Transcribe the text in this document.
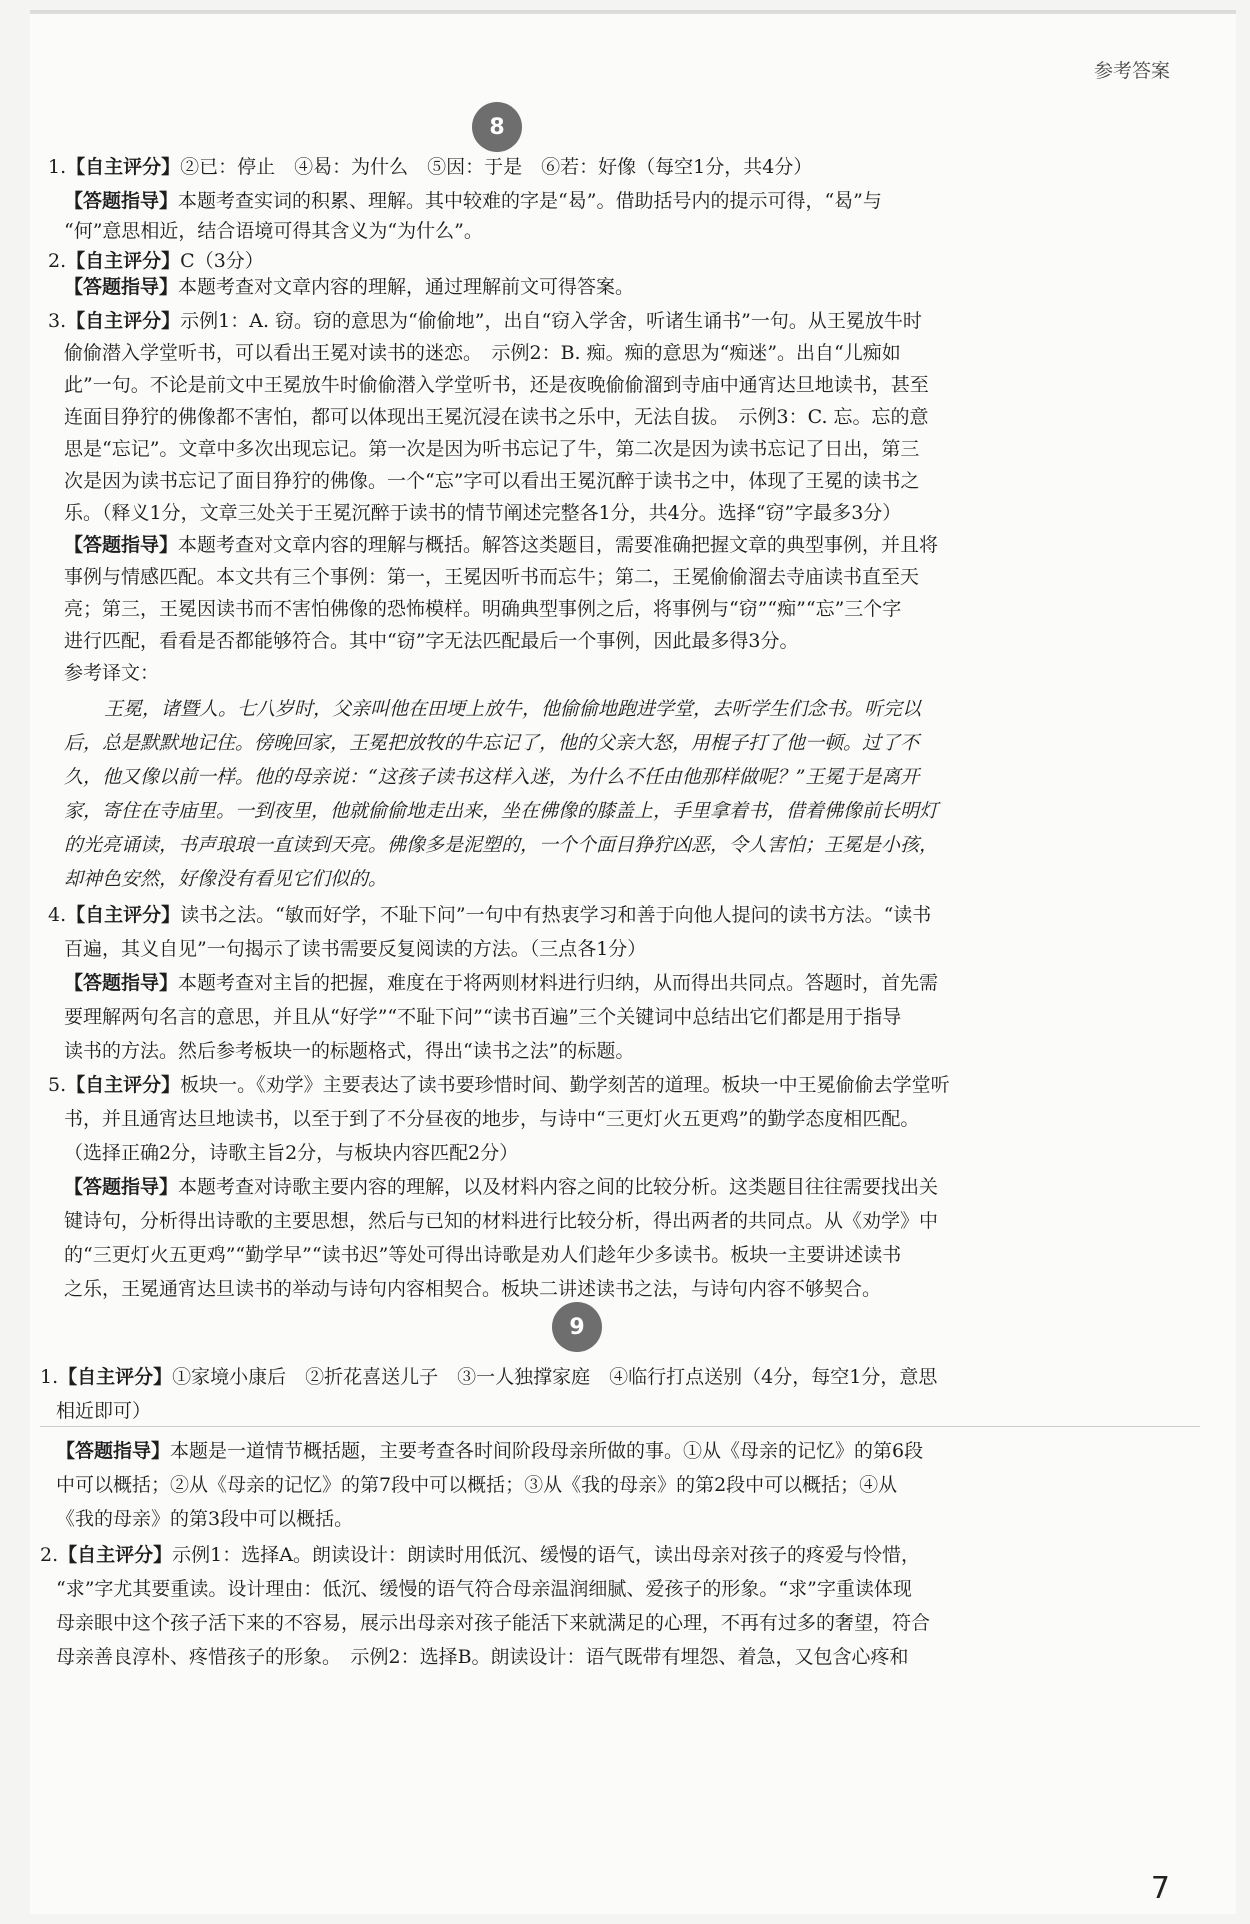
参考答案
8
1.【自主评分】②已：停止　④曷：为什么　⑤因：于是　⑥若：好像（每空1分，共4分）
【答题指导】本题考查实词的积累、理解。其中较难的字是“曷”。借助括号内的提示可得，“曷”与
“何”意思相近，结合语境可得其含义为“为什么”。
2.【自主评分】C（3分）
【答题指导】本题考查对文章内容的理解，通过理解前文可得答案。
3.【自主评分】示例1：A. 窃。窃的意思为“偷偷地”，出自“窃入学舍，听诸生诵书”一句。从王冕放牛时
偷偷潜入学堂听书，可以看出王冕对读书的迷恋。　示例2：B. 痴。痴的意思为“痴迷”。出自“儿痴如
此”一句。不论是前文中王冕放牛时偷偷潜入学堂听书，还是夜晚偷偷溜到寺庙中通宵达旦地读书，甚至
连面目狰狞的佛像都不害怕，都可以体现出王冕沉浸在读书之乐中，无法自拔。　示例3：C. 忘。忘的意
思是“忘记”。文章中多次出现忘记。第一次是因为听书忘记了牛，第二次是因为读书忘记了日出，第三
次是因为读书忘记了面目狰狞的佛像。一个“忘”字可以看出王冕沉醉于读书之中，体现了王冕的读书之
乐。（释义1分，文章三处关于王冕沉醉于读书的情节阐述完整各1分，共4分。选择“窃”字最多3分）
【答题指导】本题考查对文章内容的理解与概括。解答这类题目，需要准确把握文章的典型事例，并且将
事例与情感匹配。本文共有三个事例：第一，王冕因听书而忘牛；第二，王冕偷偷溜去寺庙读书直至天
亮；第三，王冕因读书而不害怕佛像的恐怖模样。明确典型事例之后，将事例与“窃”“痴”“忘”三个字
进行匹配，看看是否都能够符合。其中“窃”字无法匹配最后一个事例，因此最多得3分。
参考译文：
王冕，诸暨人。七八岁时，父亲叫他在田埂上放牛，他偷偷地跑进学堂，去听学生们念书。听完以
后，总是默默地记住。傍晚回家，王冕把放牧的牛忘记了，他的父亲大怒，用棍子打了他一顿。过了不
久，他又像以前一样。他的母亲说：“这孩子读书这样入迷，为什么不任由他那样做呢？”王冕于是离开
家，寄住在寺庙里。一到夜里，他就偷偷地走出来，坐在佛像的膝盖上，手里拿着书，借着佛像前长明灯
的光亮诵读，书声琅琅一直读到天亮。佛像多是泥塑的，一个个面目狰狞凶恶，令人害怕；王冕是小孩，
却神色安然，好像没有看见它们似的。
4.【自主评分】读书之法。“敏而好学，不耻下问”一句中有热衷学习和善于向他人提问的读书方法。“读书
百遍，其义自见”一句揭示了读书需要反复阅读的方法。（三点各1分）
【答题指导】本题考查对主旨的把握，难度在于将两则材料进行归纳，从而得出共同点。答题时，首先需
要理解两句名言的意思，并且从“好学”“不耻下问”“读书百遍”三个关键词中总结出它们都是用于指导
读书的方法。然后参考板块一的标题格式，得出“读书之法”的标题。
5.【自主评分】板块一。《劝学》主要表达了读书要珍惜时间、勤学刻苦的道理。板块一中王冕偷偷去学堂听
书，并且通宵达旦地读书，以至于到了不分昼夜的地步，与诗中“三更灯火五更鸡”的勤学态度相匹配。
（选择正确2分，诗歌主旨2分，与板块内容匹配2分）
【答题指导】本题考查对诗歌主要内容的理解，以及材料内容之间的比较分析。这类题目往往需要找出关
键诗句，分析得出诗歌的主要思想，然后与已知的材料进行比较分析，得出两者的共同点。从《劝学》中
的“三更灯火五更鸡”“勤学早”“读书迟”等处可得出诗歌是劝人们趁年少多读书。板块一主要讲述读书
之乐，王冕通宵达旦读书的举动与诗句内容相契合。板块二讲述读书之法，与诗句内容不够契合。
9
1.【自主评分】①家境小康后　②折花喜送儿子　③一人独撑家庭　④临行打点送别（4分，每空1分，意思
相近即可）
【答题指导】本题是一道情节概括题，主要考查各时间阶段母亲所做的事。①从《母亲的记忆》的第6段
中可以概括；②从《母亲的记忆》的第7段中可以概括；③从《我的母亲》的第2段中可以概括；④从
《我的母亲》的第3段中可以概括。
2.【自主评分】示例1：选择A。朗读设计：朗读时用低沉、缓慢的语气，读出母亲对孩子的疼爱与怜惜，
“求”字尤其要重读。设计理由：低沉、缓慢的语气符合母亲温润细腻、爱孩子的形象。“求”字重读体现
母亲眼中这个孩子活下来的不容易，展示出母亲对孩子能活下来就满足的心理，不再有过多的奢望，符合
母亲善良淳朴、疼惜孩子的形象。　示例2：选择B。朗读设计：语气既带有埋怨、着急，又包含心疼和
7
